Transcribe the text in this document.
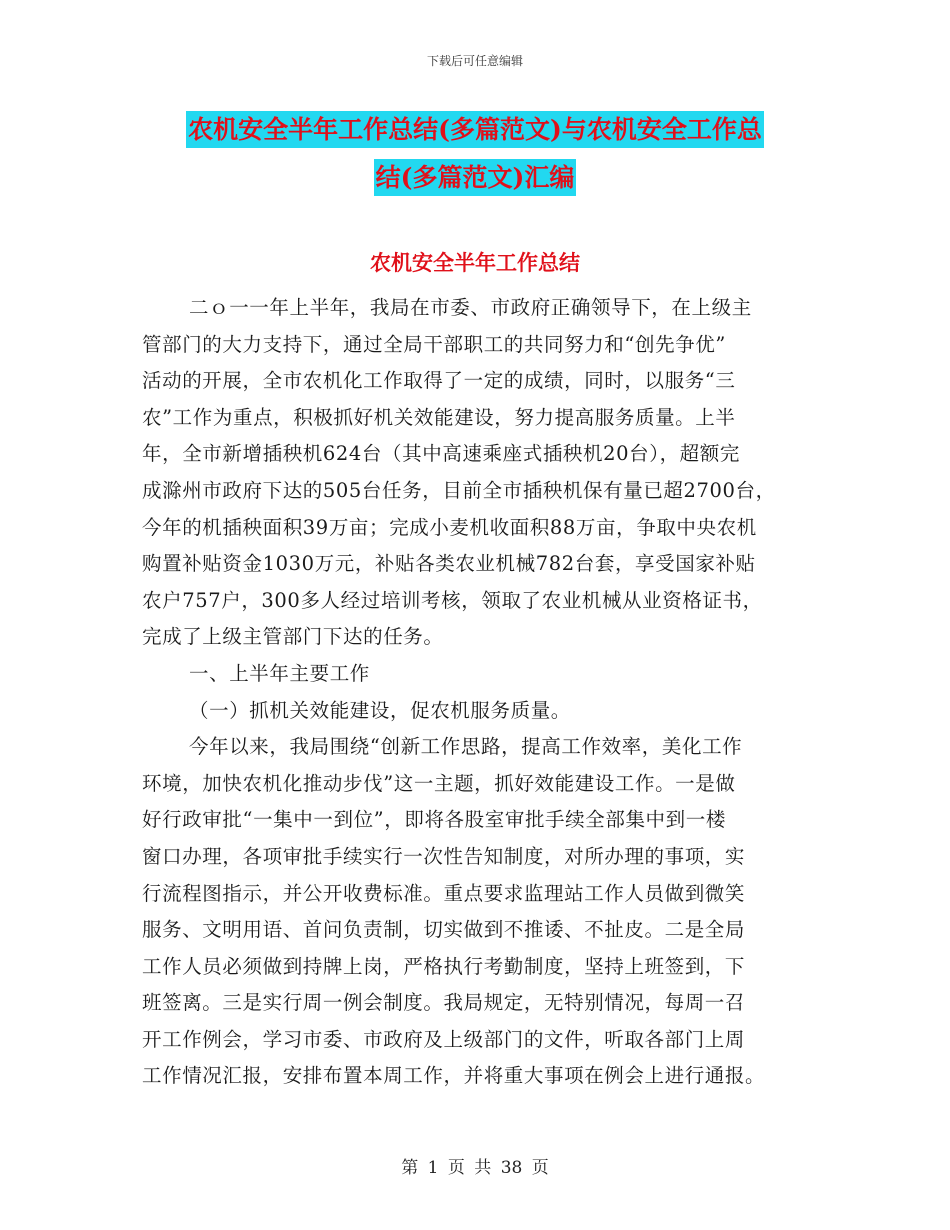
下载后可任意编辑
农机安全半年工作总结(多篇范文)与农机安全工作总
结(多篇范文)汇编
农机安全半年工作总结
二ｏ一一年上半年，我局在市委、市政府正确领导下，在上级主
管部门的大力支持下，通过全局干部职工的共同努力和“创先争优”
活动的开展，全市农机化工作取得了一定的成绩，同时，以服务“三
农”工作为重点，积极抓好机关效能建设，努力提高服务质量。上半
年，全市新增插秧机624台（其中高速乘座式插秧机20台），超额完
成滁州市政府下达的505台任务，目前全市插秧机保有量已超2700台，
今年的机插秧面积39万亩；完成小麦机收面积88万亩，争取中央农机
购置补贴资金1030万元，补贴各类农业机械782台套，享受国家补贴
农户757户，300多人经过培训考核，领取了农业机械从业资格证书，
完成了上级主管部门下达的任务。
一、上半年主要工作
（一）抓机关效能建设，促农机服务质量。
今年以来，我局围绕“创新工作思路，提高工作效率，美化工作
环境，加快农机化推动步伐”这一主题，抓好效能建设工作。一是做
好行政审批“一集中一到位”，即将各股室审批手续全部集中到一楼
窗口办理，各项审批手续实行一次性告知制度，对所办理的事项，实
行流程图指示，并公开收费标准。重点要求监理站工作人员做到微笑
服务、文明用语、首问负责制，切实做到不推诿、不扯皮。二是全局
工作人员必须做到持牌上岗，严格执行考勤制度，坚持上班签到，下
班签离。三是实行周一例会制度。我局规定，无特别情况，每周一召
开工作例会，学习市委、市政府及上级部门的文件，听取各部门上周
工作情况汇报，安排布置本周工作，并将重大事项在例会上进行通报。
第 1 页 共 38 页
